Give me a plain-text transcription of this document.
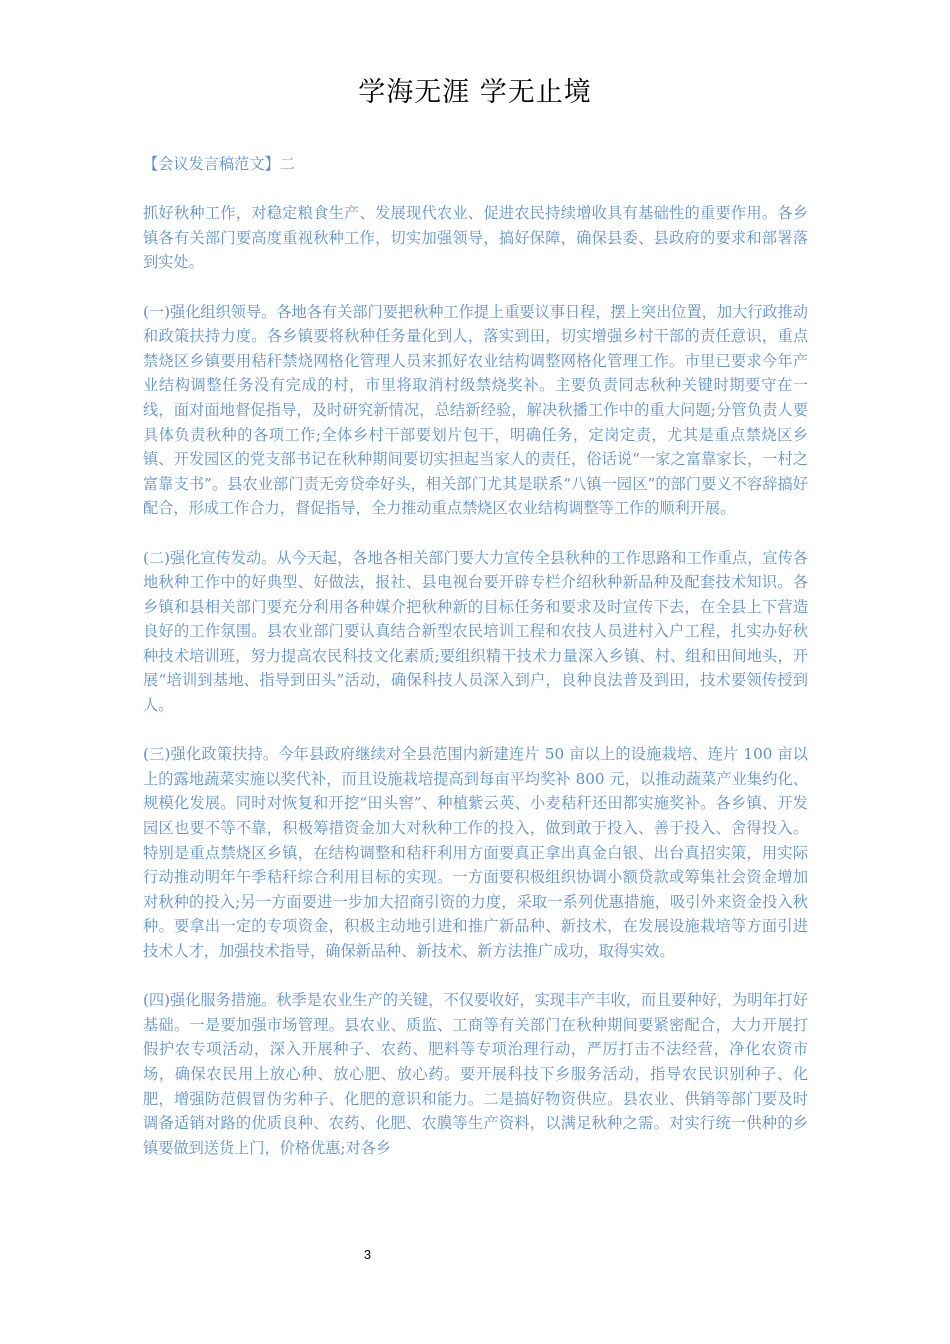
学海无涯 学无止境

【会议发言稿范文】二

抓好秋种工作，对稳定粮食生产、发展现代农业、促进农民持续增收具有基础性的重要作用。各乡镇各有关部门要高度重视秋种工作，切实加强领导，搞好保障，确保县委、县政府的要求和部署落到实处。

(一)强化组织领导。各地各有关部门要把秋种工作提上重要议事日程，摆上突出位置，加大行政推动和政策扶持力度。各乡镇要将秋种任务量化到人，落实到田，切实增强乡村干部的责任意识，重点禁烧区乡镇要用秸秆禁烧网格化管理人员来抓好农业结构调整网格化管理工作。市里已要求今年产业结构调整任务没有完成的村，市里将取消村级禁烧奖补。主要负责同志秋种关键时期要守在一线，面对面地督促指导，及时研究新情况，总结新经验，解决秋播工作中的重大问题;分管负责人要具体负责秋种的各项工作;全体乡村干部要划片包干，明确任务，定岗定责，尤其是重点禁烧区乡镇、开发园区的党支部书记在秋种期间要切实担起当家人的责任，俗话说“一家之富靠家长，一村之富靠支书”。县农业部门责无旁贷牵好头，相关部门尤其是联系“八镇一园区”的部门要义不容辞搞好配合，形成工作合力，督促指导，全力推动重点禁烧区农业结构调整等工作的顺利开展。

(二)强化宣传发动。从今天起，各地各相关部门要大力宣传全县秋种的工作思路和工作重点，宣传各地秋种工作中的好典型、好做法，报社、县电视台要开辟专栏介绍秋种新品种及配套技术知识。各乡镇和县相关部门要充分利用各种媒介把秋种新的目标任务和要求及时宣传下去，在全县上下营造良好的工作氛围。县农业部门要认真结合新型农民培训工程和农技人员进村入户工程，扎实办好秋种技术培训班，努力提高农民科技文化素质;要组织精干技术力量深入乡镇、村、组和田间地头，开展“培训到基地、指导到田头”活动，确保科技人员深入到户，良种良法普及到田，技术要领传授到人。

(三)强化政策扶持。今年县政府继续对全县范围内新建连片 50 亩以上的设施栽培、连片 100 亩以上的露地蔬菜实施以奖代补，而且设施栽培提高到每亩平均奖补 800 元，以推动蔬菜产业集约化、规模化发展。同时对恢复和开挖“田头窖”、种植紫云英、小麦秸秆还田都实施奖补。各乡镇、开发园区也要不等不靠，积极筹措资金加大对秋种工作的投入，做到敢于投入、善于投入、舍得投入。特别是重点禁烧区乡镇，在结构调整和秸秆利用方面要真正拿出真金白银、出台真招实策，用实际行动推动明年午季秸秆综合利用目标的实现。一方面要积极组织协调小额贷款或筹集社会资金增加对秋种的投入;另一方面要进一步加大招商引资的力度，采取一系列优惠措施，吸引外来资金投入秋种。要拿出一定的专项资金，积极主动地引进和推广新品种、新技术，在发展设施栽培等方面引进技术人才，加强技术指导，确保新品种、新技术、新方法推广成功，取得实效。

(四)强化服务措施。秋季是农业生产的关键，不仅要收好，实现丰产丰收，而且要种好，为明年打好基础。一是要加强市场管理。县农业、质监、工商等有关部门在秋种期间要紧密配合，大力开展打假护农专项活动，深入开展种子、农药、肥料等专项治理行动，严厉打击不法经营，净化农资市场，确保农民用上放心种、放心肥、放心药。要开展科技下乡服务活动，指导农民识别种子、化肥，增强防范假冒伪劣种子、化肥的意识和能力。二是搞好物资供应。县农业、供销等部门要及时调备适销对路的优质良种、农药、化肥、农膜等生产资料，以满足秋种之需。对实行统一供种的乡镇要做到送货上门，价格优惠;对各乡

3
